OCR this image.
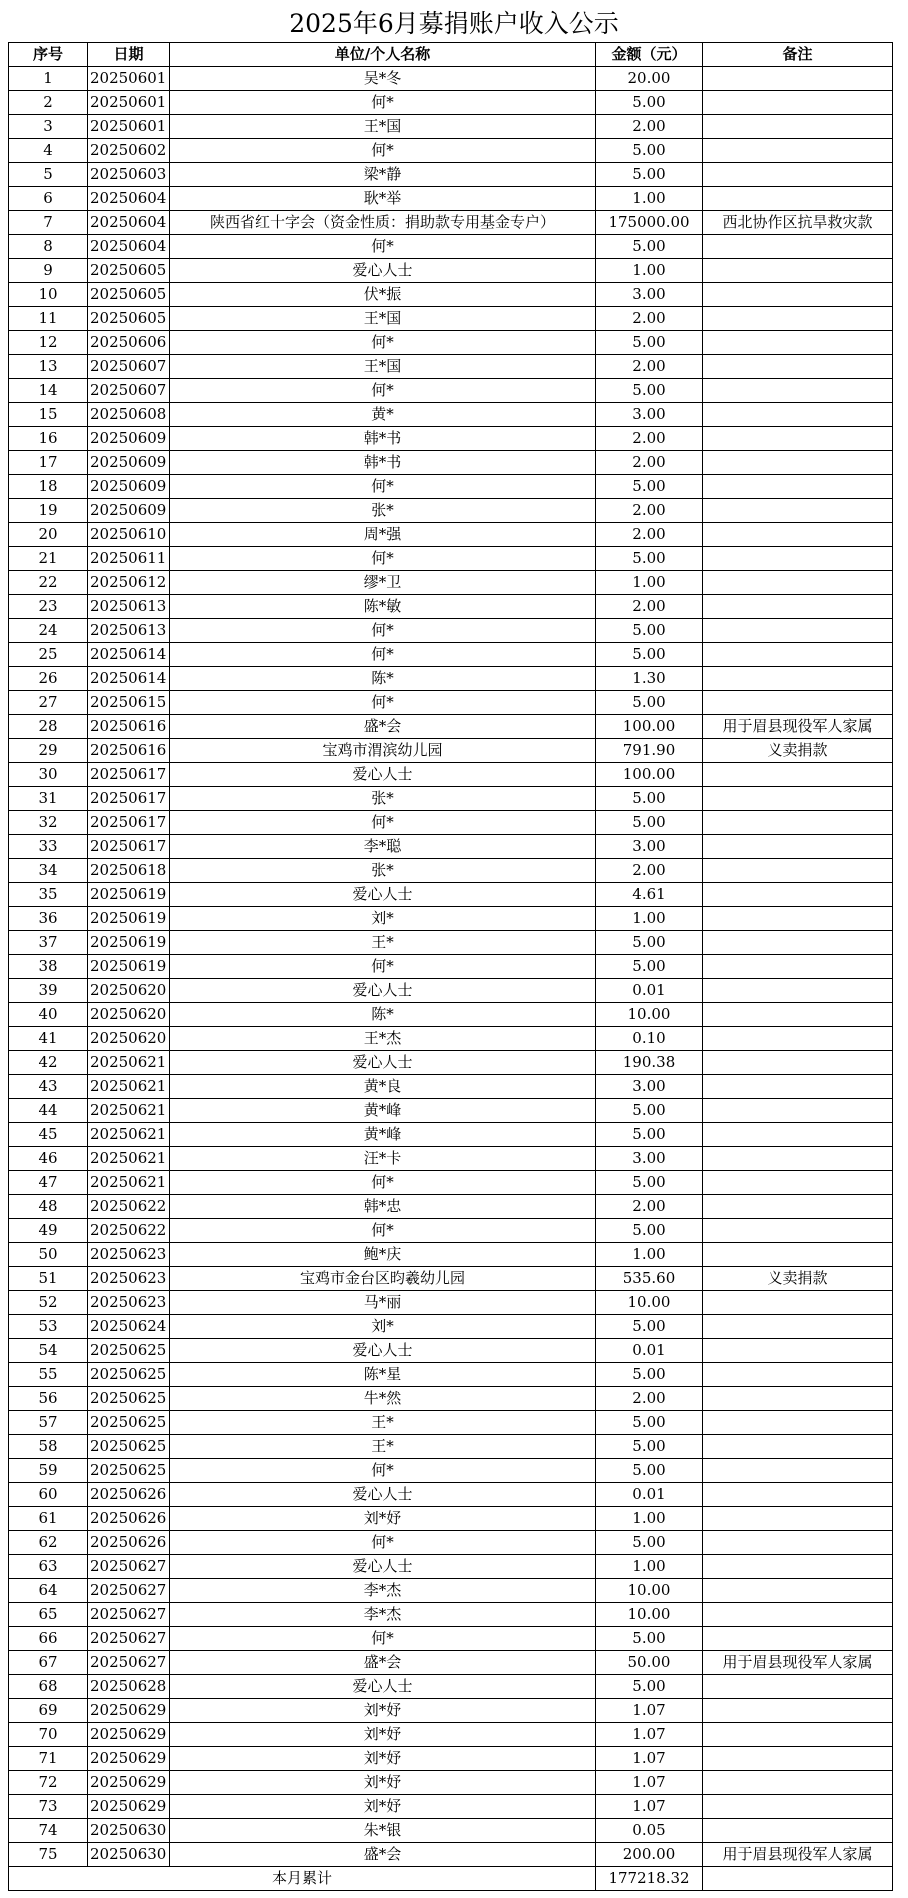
2025年6月募捐账户收入公示
序号	日期	单位/个人名称	金额（元）	备注
1	20250601	吴*冬	20.00	
2	20250601	何*	5.00	
3	20250601	王*国	2.00	
4	20250602	何*	5.00	
5	20250603	梁*静	5.00	
6	20250604	耿*举	1.00	
7	20250604	陕西省红十字会（资金性质：捐助款专用基金专户）	175000.00	西北协作区抗旱救灾款
8	20250604	何*	5.00	
9	20250605	爱心人士	1.00	
10	20250605	伏*振	3.00	
11	20250605	王*国	2.00	
12	20250606	何*	5.00	
13	20250607	王*国	2.00	
14	20250607	何*	5.00	
15	20250608	黄*	3.00	
16	20250609	韩*书	2.00	
17	20250609	韩*书	2.00	
18	20250609	何*	5.00	
19	20250609	张*	2.00	
20	20250610	周*强	2.00	
21	20250611	何*	5.00	
22	20250612	缪*卫	1.00	
23	20250613	陈*敏	2.00	
24	20250613	何*	5.00	
25	20250614	何*	5.00	
26	20250614	陈*	1.30	
27	20250615	何*	5.00	
28	20250616	盛*会	100.00	用于眉县现役军人家属
29	20250616	宝鸡市渭滨幼儿园	791.90	义卖捐款
30	20250617	爱心人士	100.00	
31	20250617	张*	5.00	
32	20250617	何*	5.00	
33	20250617	李*聪	3.00	
34	20250618	张*	2.00	
35	20250619	爱心人士	4.61	
36	20250619	刘*	1.00	
37	20250619	王*	5.00	
38	20250619	何*	5.00	
39	20250620	爱心人士	0.01	
40	20250620	陈*	10.00	
41	20250620	王*杰	0.10	
42	20250621	爱心人士	190.38	
43	20250621	黄*良	3.00	
44	20250621	黄*峰	5.00	
45	20250621	黄*峰	5.00	
46	20250621	汪*卡	3.00	
47	20250621	何*	5.00	
48	20250622	韩*忠	2.00	
49	20250622	何*	5.00	
50	20250623	鲍*庆	1.00	
51	20250623	宝鸡市金台区昀羲幼儿园	535.60	义卖捐款
52	20250623	马*丽	10.00	
53	20250624	刘*	5.00	
54	20250625	爱心人士	0.01	
55	20250625	陈*星	5.00	
56	20250625	牛*然	2.00	
57	20250625	王*	5.00	
58	20250625	王*	5.00	
59	20250625	何*	5.00	
60	20250626	爱心人士	0.01	
61	20250626	刘*妤	1.00	
62	20250626	何*	5.00	
63	20250627	爱心人士	1.00	
64	20250627	李*杰	10.00	
65	20250627	李*杰	10.00	
66	20250627	何*	5.00	
67	20250627	盛*会	50.00	用于眉县现役军人家属
68	20250628	爱心人士	5.00	
69	20250629	刘*妤	1.07	
70	20250629	刘*妤	1.07	
71	20250629	刘*妤	1.07	
72	20250629	刘*妤	1.07	
73	20250629	刘*妤	1.07	
74	20250630	朱*银	0.05	
75	20250630	盛*会	200.00	用于眉县现役军人家属
本月累计			177218.32	
